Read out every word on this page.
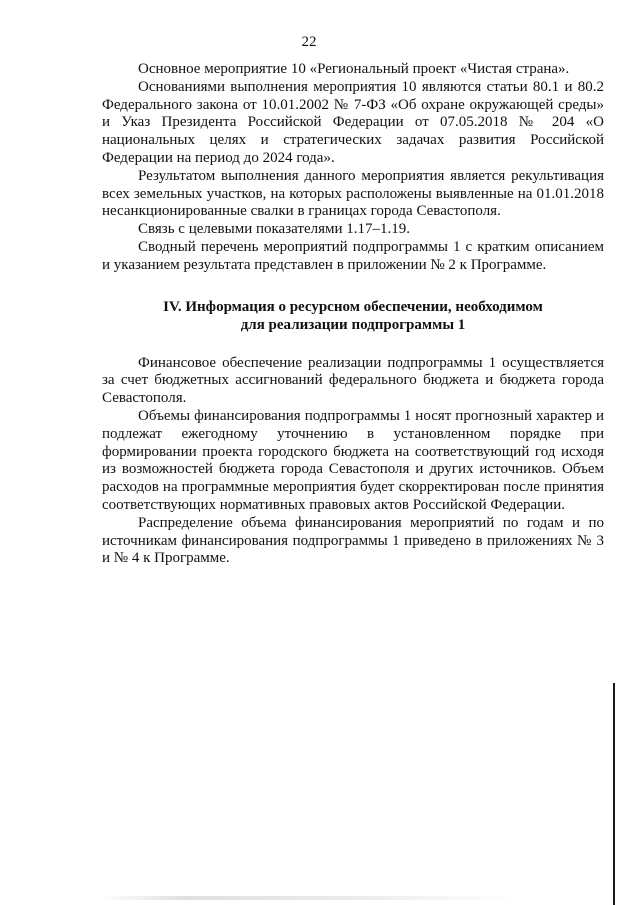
22

Основное мероприятие 10 «Региональный проект «Чистая страна».

Основаниями выполнения мероприятия 10 являются статьи 80.1 и 80.2 Федерального закона от 10.01.2002 № 7-ФЗ «Об охране окружающей среды» и Указ Президента Российской Федерации от 07.05.2018 № 204 «О национальных целях и стратегических задачах развития Российской Федерации на период до 2024 года».

Результатом выполнения данного мероприятия является рекультивация всех земельных участков, на которых расположены выявленные на 01.01.2018 несанкционированные свалки в границах города Севастополя.

Связь с целевыми показателями 1.17–1.19.

Сводный перечень мероприятий подпрограммы 1 с кратким описанием и указанием результата представлен в приложении № 2 к Программе.

IV. Информация о ресурсном обеспечении, необходимом
для реализации подпрограммы 1

Финансовое обеспечение реализации подпрограммы 1 осуществляется за счет бюджетных ассигнований федерального бюджета и бюджета города Севастополя.

Объемы финансирования подпрограммы 1 носят прогнозный характер и подлежат ежегодному уточнению в установленном порядке при формировании проекта городского бюджета на соответствующий год исходя из возможностей бюджета города Севастополя и других источников. Объем расходов на программные мероприятия будет скорректирован после принятия соответствующих нормативных правовых актов Российской Федерации.

Распределение объема финансирования мероприятий по годам и по источникам финансирования подпрограммы 1 приведено в приложениях № 3 и № 4 к Программе.
